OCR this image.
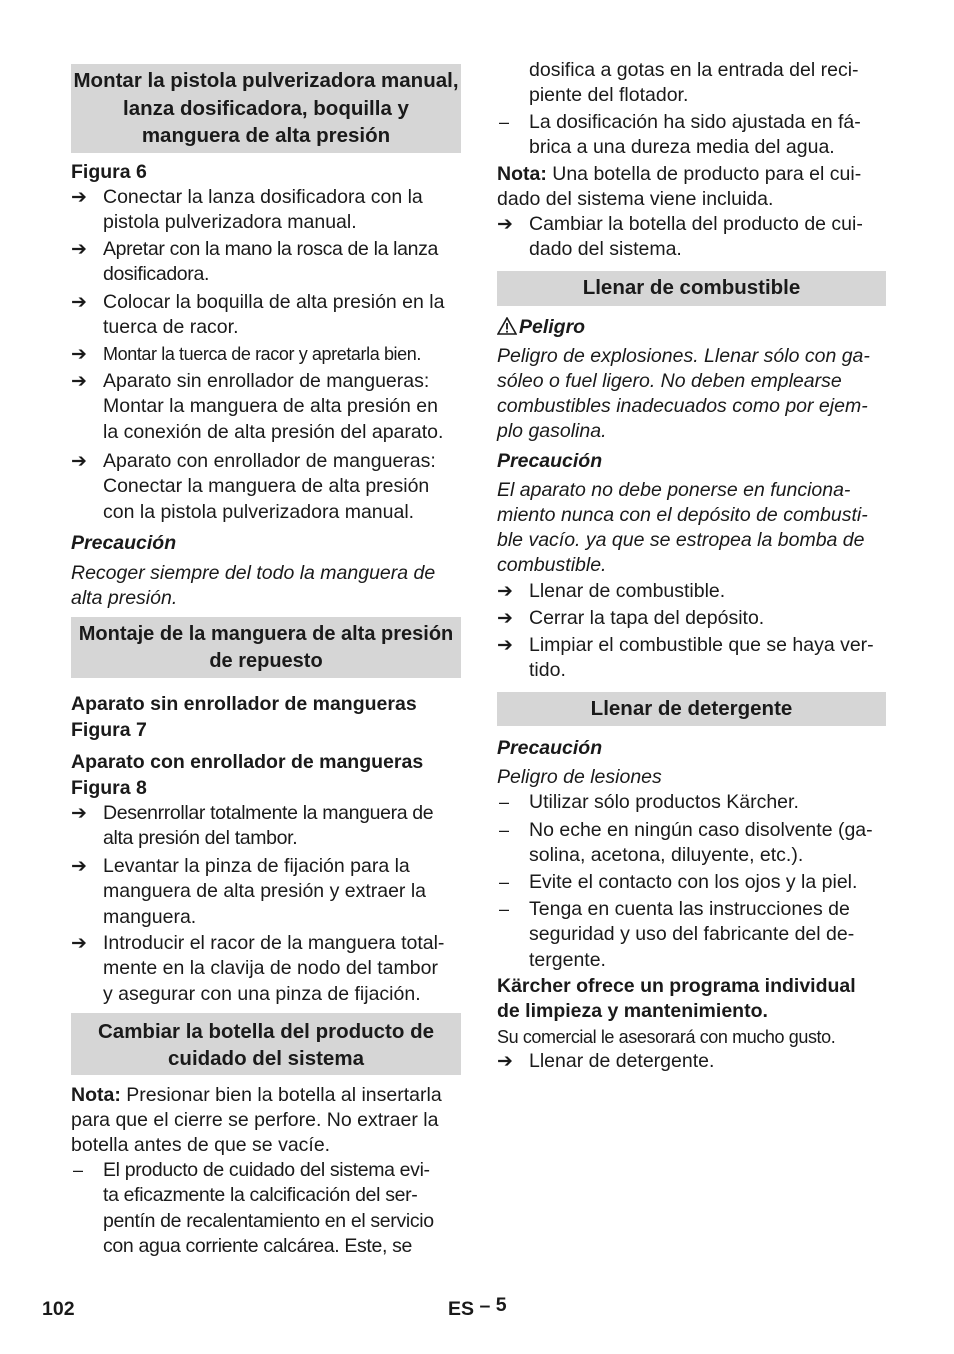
Montar la pistola pulverizadora manual, lanza dosificadora, boquilla y manguera de alta presión
Figura 6
➔ Conectar la lanza dosificadora con la
pistola pulverizadora manual.
➔ Apretar con la mano la rosca de la lanza
dosificadora.
➔ Colocar la boquilla de alta presión en la
tuerca de racor.
➔ Montar la tuerca de racor y apretarla bien.
➔ Aparato sin enrollador de mangueras:
Montar la manguera de alta presión en
la conexión de alta presión del aparato.
➔ Aparato con enrollador de mangueras:
Conectar la manguera de alta presión
con la pistola pulverizadora manual.
Precaución
Recoger siempre del todo la manguera de
alta presión.
Montaje de la manguera de alta presión de repuesto
Aparato sin enrollador de mangueras
Figura 7
Aparato con enrollador de mangueras
Figura 8
➔ Desenrrollar totalmente la manguera de
alta presión del tambor.
➔ Levantar la pinza de fijación para la
manguera de alta presión y extraer la
manguera.
➔ Introducir el racor de la manguera total-
mente en la clavija de nodo del tambor
y asegurar con una pinza de fijación.
Cambiar la botella del producto de cuidado del sistema
Nota: Presionar bien la botella al insertarla
para que el cierre se perfore. No extraer la
botella antes de que se vacíe.
–	El producto de cuidado del sistema evi-
ta eficazmente la calcificación del ser-
pentín de recalentamiento en el servicio
con agua corriente calcárea. Este, se
dosifica a gotas en la entrada del reci-
piente del flotador.
–	La dosificación ha sido ajustada en fá-
brica a una dureza media del agua.
Nota: Una botella de producto para el cui-
dado del sistema viene incluida.
➔ Cambiar la botella del producto de cui-
dado del sistema.
Llenar de combustible
Peligro
Peligro de explosiones. Llenar sólo con ga-
sóleo o fuel ligero. No deben emplearse
combustibles inadecuados como por ejem-
plo gasolina.
Precaución
El aparato no debe ponerse en funciona-
miento nunca con el depósito de combusti-
ble vacío. ya que se estropea la bomba de
combustible.
➔ Llenar de combustible.
➔ Cerrar la tapa del depósito.
➔ Limpiar el combustible que se haya ver-
tido.
Llenar de detergente
Precaución
Peligro de lesiones
–	Utilizar sólo productos Kärcher.
–	No eche en ningún caso disolvente (ga-
solina, acetona, diluyente, etc.).
–	Evite el contacto con los ojos y la piel.
–	Tenga en cuenta las instrucciones de
seguridad y uso del fabricante del de-
tergente.
Kärcher ofrece un programa individual
de limpieza y mantenimiento.
Su comercial le asesorará con mucho gusto.
➔ Llenar de detergente.
102	ES – 5
